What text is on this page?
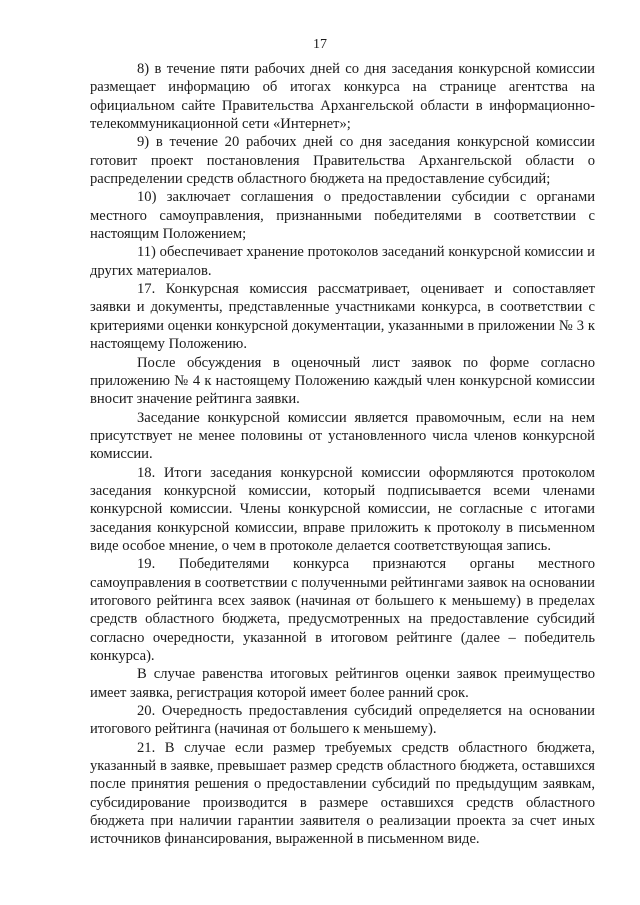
17

8) в течение пяти рабочих дней со дня заседания конкурсной комиссии размещает информацию об итогах конкурса на странице агентства на официальном сайте Правительства Архангельской области в информационно-телекоммуникационной сети «Интернет»;

9) в течение 20 рабочих дней со дня заседания конкурсной комиссии готовит проект постановления Правительства Архангельской области о распределении средств областного бюджета на предоставление субсидий;

10) заключает соглашения о предоставлении субсидии с органами местного самоуправления, признанными победителями в соответствии с настоящим Положением;

11) обеспечивает хранение протоколов заседаний конкурсной комиссии и других материалов.

17. Конкурсная комиссия рассматривает, оценивает и сопоставляет заявки и документы, представленные участниками конкурса, в соответствии с критериями оценки конкурсной документации, указанными в приложении № 3 к настоящему Положению.

После обсуждения в оценочный лист заявок по форме согласно приложению № 4 к настоящему Положению каждый член конкурсной комиссии вносит значение рейтинга заявки.

Заседание конкурсной комиссии является правомочным, если на нем присутствует не менее половины от установленного числа членов конкурсной комиссии.

18. Итоги заседания конкурсной комиссии оформляются протоколом заседания конкурсной комиссии, который подписывается всеми членами конкурсной комиссии. Члены конкурсной комиссии, не согласные с итогами заседания конкурсной комиссии, вправе приложить к протоколу в письменном виде особое мнение, о чем в протоколе делается соответствующая запись.

19. Победителями конкурса признаются органы местного самоуправления в соответствии с полученными рейтингами заявок на основании итогового рейтинга всех заявок (начиная от большего к меньшему) в пределах средств областного бюджета, предусмотренных на предоставление субсидий согласно очередности, указанной в итоговом рейтинге (далее – победитель конкурса).

В случае равенства итоговых рейтингов оценки заявок преимущество имеет заявка, регистрация которой имеет более ранний срок.

20. Очередность предоставления субсидий определяется на основании итогового рейтинга (начиная от большего к меньшему).

21. В случае если размер требуемых средств областного бюджета, указанный в заявке, превышает размер средств областного бюджета, оставшихся после принятия решения о предоставлении субсидий по предыдущим заявкам, субсидирование производится в размере оставшихся средств областного бюджета при наличии гарантии заявителя о реализации проекта за счет иных источников финансирования, выраженной в письменном виде.
